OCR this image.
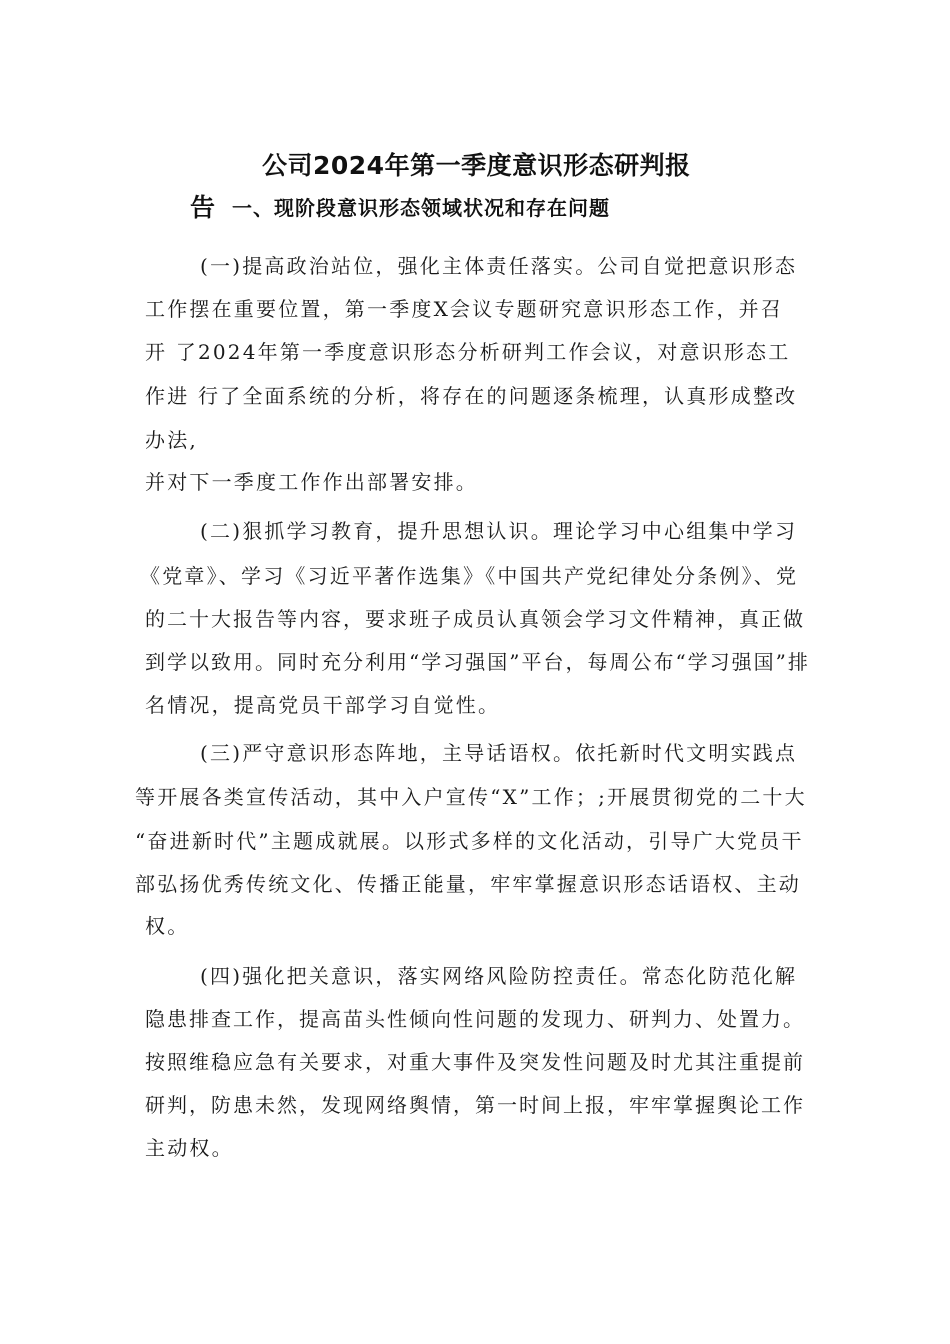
公司2024年第一季度意识形态研判报
告 一、现阶段意识形态领域状况和存在问题
(一)提高政治站位，强化主体责任落实。公司自觉把意识形态
工作摆在重要位置，第一季度X会议专题研究意识形态工作，并召
开 了2024年第一季度意识形态分析研判工作会议，对意识形态工
作进 行了全面系统的分析，将存在的问题逐条梳理，认真形成整改
办法,
并对下一季度工作作出部署安排。
(二)狠抓学习教育，提升思想认识。理论学习中心组集中学习
《党章》、学习《习近平著作选集》《中国共产党纪律处分条例》、党
的二十大报告等内容，要求班子成员认真领会学习文件精神，真正做
到学以致用。同时充分利用“学习强国”平台，每周公布“学习强国”排
名情况，提高党员干部学习自觉性。
(三)严守意识形态阵地，主导话语权。依托新时代文明实践点
等开展各类宣传活动，其中入户宣传“X”工作；;开展贯彻党的二十大
“奋进新时代”主题成就展。以形式多样的文化活动，引导广大党员干
部弘扬优秀传统文化、传播正能量，牢牢掌握意识形态话语权、主动
权。
(四)强化把关意识，落实网络风险防控责任。常态化防范化解
隐患排查工作，提高苗头性倾向性问题的发现力、研判力、处置力。
按照维稳应急有关要求，对重大事件及突发性问题及时尤其注重提前
研判，防患未然，发现网络舆情，第一时间上报，牢牢掌握舆论工作
主动权。
